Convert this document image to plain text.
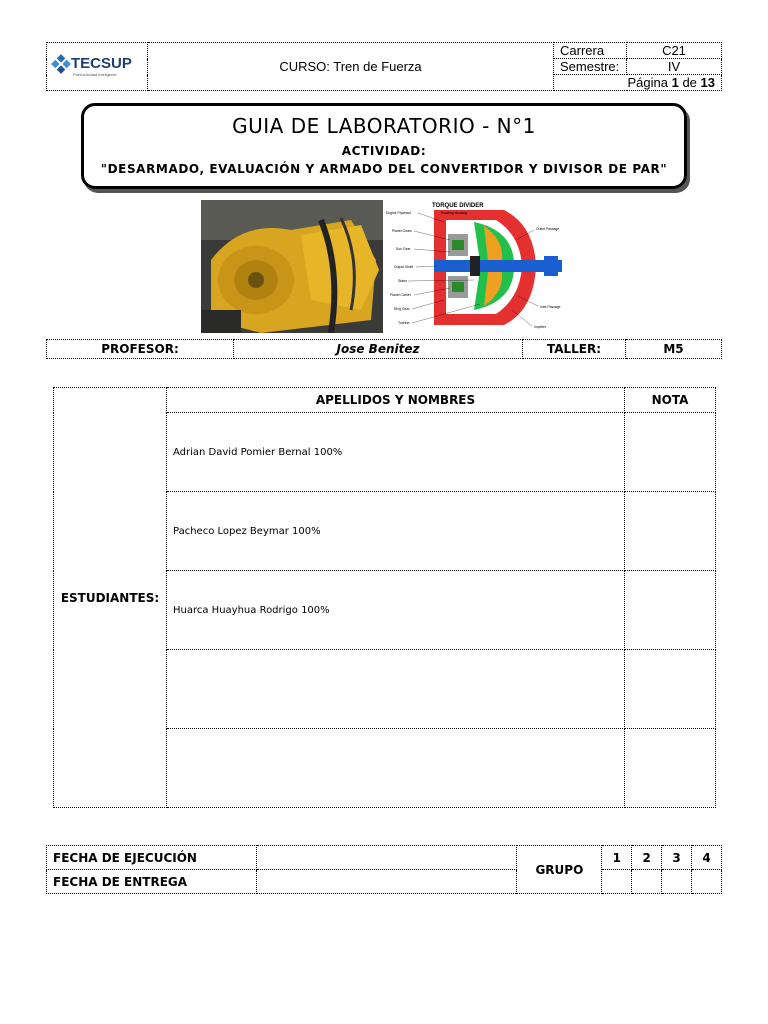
TECSUP
Productividad inteligente	CURSO: Tren de Fuerza	Carrera	C21
		Semestre:	IV
		Página 1 de 13	
GUIA DE LABORATORIO - N°1
ACTIVIDAD:
"DESARMADO, EVALUACIÓN Y ARMADO DEL CONVERTIDOR Y DIVISOR DE PAR"
TORQUE DIVIDER
Engine Flywheel
Planet Gears
Sun Gear
Output Shaft
Stator
Planet Carrier
Ring Gear
Turbine
Rotating Housing
Outlet Passage
Inlet Passage
Impeller
PROFESOR:	Jose Benitez	TALLER:	M5
ESTUDIANTES:	APELLIDOS Y NOMBRES	NOTA
	Adrian David Pomier Bernal 100%	
	Pacheco Lopez Beymar 100%	
	Huarca Huayhua Rodrigo 100%	

FECHA DE EJECUCIÓN		GRUPO	1	2	3	4
FECHA DE ENTREGA						
